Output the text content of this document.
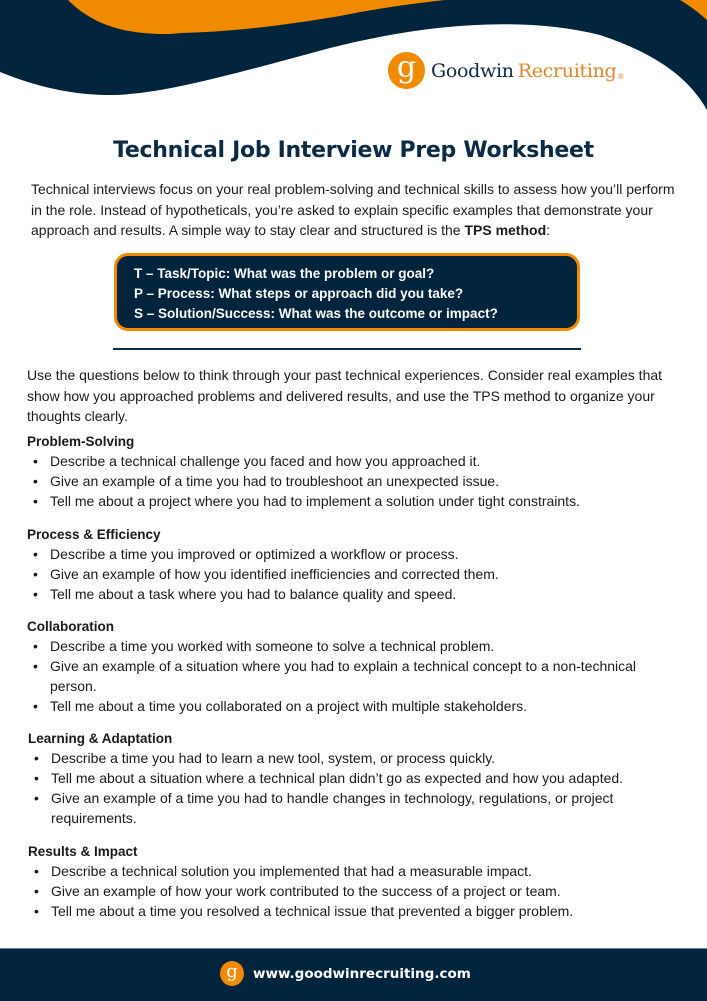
g Goodwin Recruiting®
Technical Job Interview Prep Worksheet

Technical interviews focus on your real problem-solving and technical skills to assess how you’ll perform in the role. Instead of hypotheticals, you’re asked to explain specific examples that demonstrate your approach and results. A simple way to stay clear and structured is the TPS method:

T – Task/Topic: What was the problem or goal?
P – Process: What steps or approach did you take?
S – Solution/Success: What was the outcome or impact?

Use the questions below to think through your past technical experiences. Consider real examples that show how you approached problems and delivered results, and use the TPS method to organize your thoughts clearly.

Problem-Solving
• Describe a technical challenge you faced and how you approached it.
• Give an example of a time you had to troubleshoot an unexpected issue.
• Tell me about a project where you had to implement a solution under tight constraints.
Process & Efficiency
• Describe a time you improved or optimized a workflow or process.
• Give an example of how you identified inefficiencies and corrected them.
• Tell me about a task where you had to balance quality and speed.
Collaboration
• Describe a time you worked with someone to solve a technical problem.
• Give an example of a situation where you had to explain a technical concept to a non-technical person.
• Tell me about a time you collaborated on a project with multiple stakeholders.
Learning & Adaptation
• Describe a time you had to learn a new tool, system, or process quickly.
• Tell me about a situation where a technical plan didn’t go as expected and how you adapted.
• Give an example of a time you had to handle changes in technology, regulations, or project requirements.
Results & Impact
• Describe a technical solution you implemented that had a measurable impact.
• Give an example of how your work contributed to the success of a project or team.
• Tell me about a time you resolved a technical issue that prevented a bigger problem.
g	www.goodwinrecruiting.com
